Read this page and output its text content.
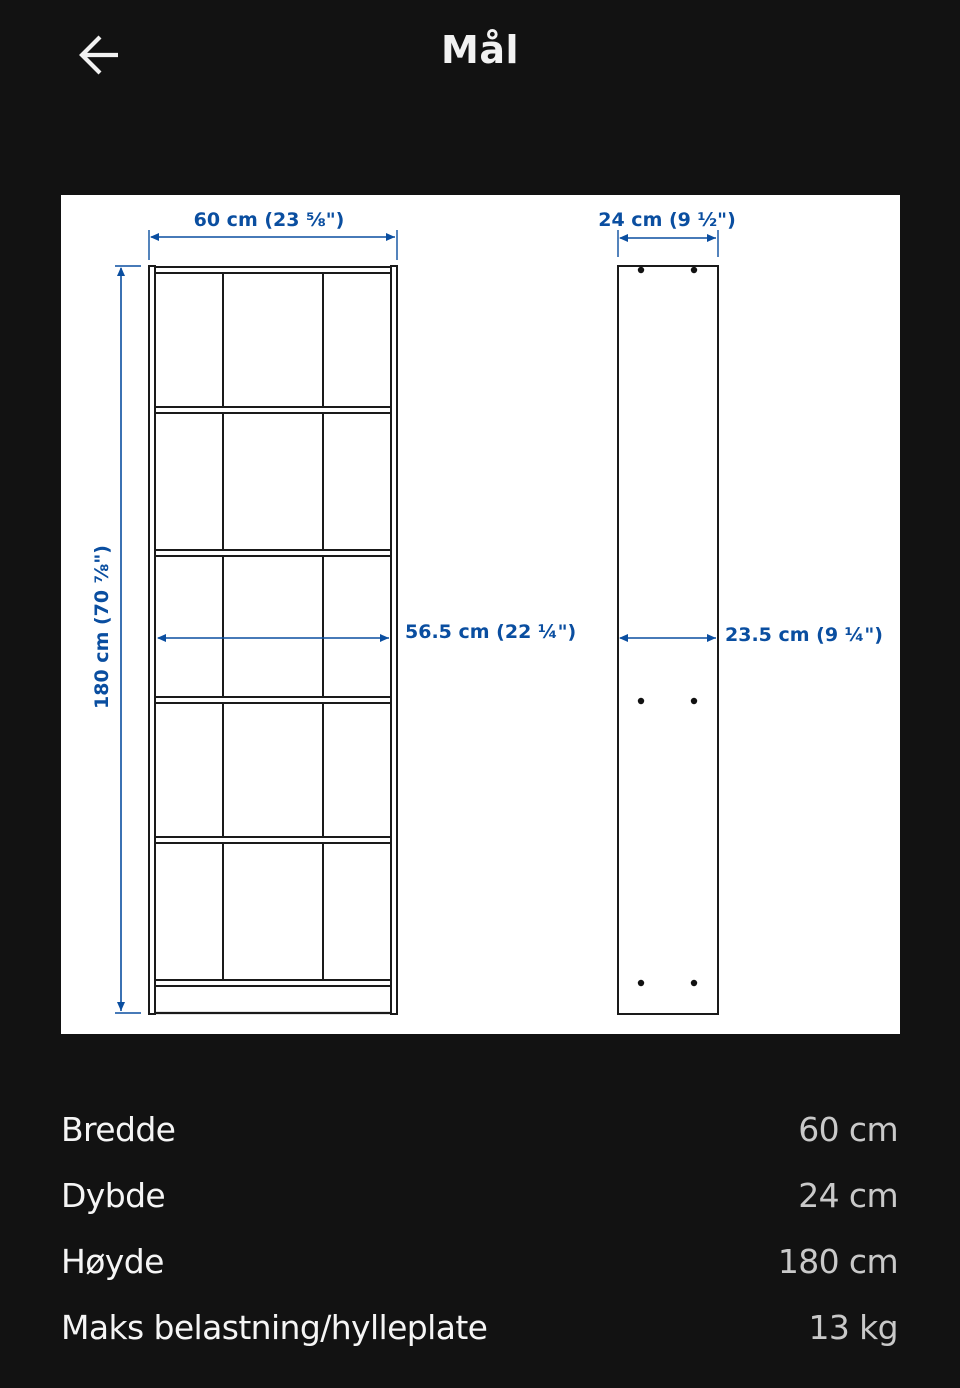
Mål
60 cm (23 ⅝")
56.5 cm (22 ¼")
180 cm (70 ⅞")
24 cm (9 ½")
23.5 cm (9 ¼")
Bredde	60 cm
Dybde	24 cm
Høyde	180 cm
Maks belastning/hylleplate	13 kg
